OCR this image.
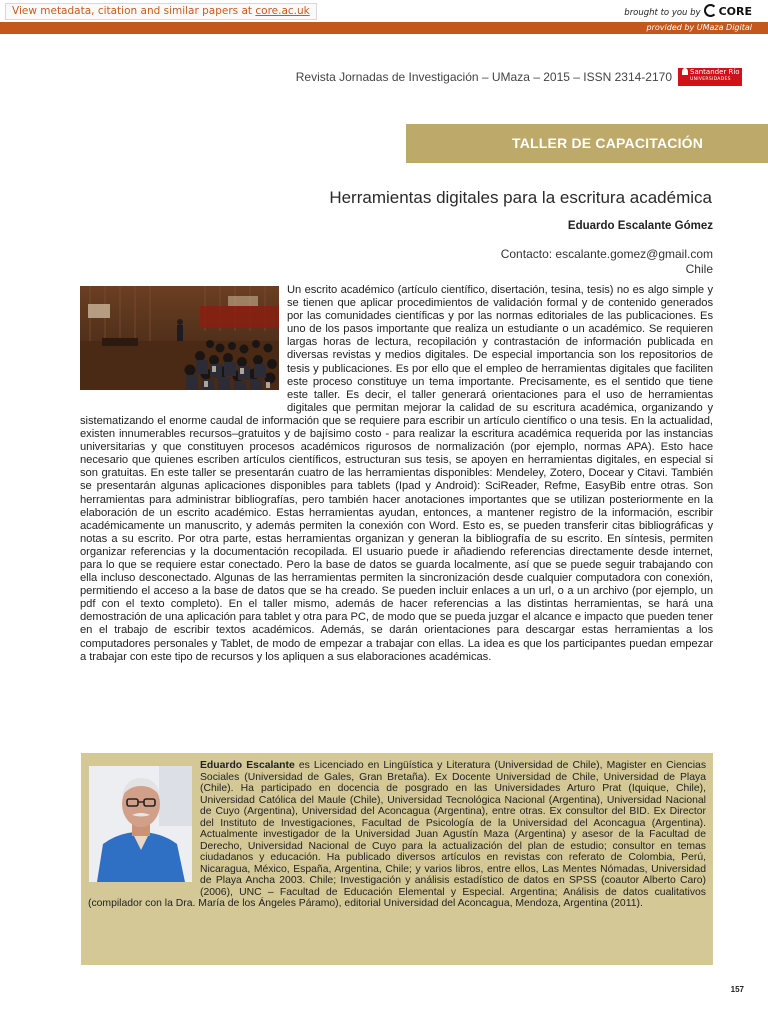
View metadata, citation and similar papers at core.ac.uk	brought to you by CORE
provided by UMaza Digital
Revista Jornadas de Investigación – UMaza – 2015 – ISSN 2314-2170	Santander Río
UNIVERSIDADES
TALLER DE CAPACITACIÓN
Herramientas digitales para la escritura académica
Eduardo Escalante Gómez
Contacto: escalante.gomez@gmail.com
Chile
Un escrito académico (artículo científico, disertación, tesina, tesis) no es algo simple y se tienen que aplicar procedimientos de validación formal y de contenido generados por las comunidades científicas y por las normas editoriales de las publicaciones. Es uno de los pasos importante que realiza un estudiante o un académico. Se requieren largas horas de lectura, recopilación y contrastación de información publicada en diversas revistas y medios digitales. De especial importancia son los repositorios de tesis y publicaciones. Es por ello que el empleo de herramientas digitales que faciliten este proceso constituye un tema importante. Precisamente, es el sentido que tiene este taller. Es decir, el taller generará orientaciones para el uso de herramientas digitales que permitan mejorar la calidad de su escritura académica, organizando y sistematizando el enorme caudal de información que se requiere para escribir un artículo científico o una tesis. En la actualidad, existen innumerables recursos–gratuitos y de bajísimo costo - para realizar la escritura académica requerida por las instancias universitarias y que constituyen procesos académicos rigurosos de normalización (por ejemplo, normas APA). Esto hace necesario que quienes escriben artículos científicos, estructuran sus tesis, se apoyen en herramientas digitales, en especial si son gratuitas. En este taller se presentarán cuatro de las herramientas disponibles: Mendeley, Zotero, Docear y Citavi. También se presentarán algunas aplicaciones disponibles para tablets (Ipad y Android): SciReader, Refme, EasyBib entre otras. Son herramientas para administrar bibliografías, pero también hacer anotaciones importantes que se utilizan posteriormente en la elaboración de un escrito académico. Estas herramientas ayudan, entonces, a mantener registro de la información, escribir académicamente un manuscrito, y además permiten la conexión con Word. Esto es, se pueden transferir citas bibliográficas y notas a su escrito. Por otra parte, estas herramientas organizan y generan la bibliografía de su escrito. En síntesis, permiten organizar referencias y la documentación recopilada. El usuario puede ir añadiendo referencias directamente desde internet, para lo que se requiere estar conectado. Pero la base de datos se guarda localmente, así que se puede seguir trabajando con ella incluso desconectado. Algunas de las herramientas permiten la sincronización desde cualquier computadora con conexión, permitiendo el acceso a la base de datos que se ha creado. Se pueden incluir enlaces a un url, o a un archivo (por ejemplo, un pdf con el texto completo). En el taller mismo, además de hacer referencias a las distintas herramientas, se hará una demostración de una aplicación para tablet y otra para PC, de modo que se pueda juzgar el alcance e impacto que pueden tener en el trabajo de escribir textos académicos. Además, se darán orientaciones para descargar estas herramientas a los computadores personales y Tablet, de modo de empezar a trabajar con ellas. La idea es que los participantes puedan empezar a trabajar con este tipo de recursos y los apliquen a sus elaboraciones académicas.
Eduardo Escalante es Licenciado en Lingüística y Literatura (Universidad de Chile), Magister en Ciencias Sociales (Universidad de Gales, Gran Bretaña). Ex Docente Universidad de Chile, Universidad de Playa (Chile). Ha participado en docencia de posgrado en las Universidades Arturo Prat (Iquique, Chile), Universidad Católica del Maule (Chile), Universidad Tecnológica Nacional (Argentina), Universidad Nacional de Cuyo (Argentina), Universidad del Aconcagua (Argentina), entre otras. Ex consultor del BID. Ex Director del Instituto de Investigaciones, Facultad de Psicología de la Universidad del Aconcagua (Argentina). Actualmente investigador de la Universidad Juan Agustín Maza (Argentina) y asesor de la Facultad de Derecho, Universidad Nacional de Cuyo para la actualización del plan de estudio; consultor en temas ciudadanos y educación. Ha publicado diversos artículos en revistas con referato de Colombia, Perú, Nicaragua, México, España, Argentina, Chile; y varios libros, entre ellos, Las Mentes Nómadas, Universidad de Playa Ancha 2003. Chile; Investigación y análisis estadístico de datos en SPSS (coautor Alberto Caro) (2006), UNC – Facultad de Educación Elemental y Especial. Argentina; Análisis de datos cualitativos (compilador con la Dra. María de los Ángeles Páramo), editorial Universidad del Aconcagua, Mendoza, Argentina (2011).
157
